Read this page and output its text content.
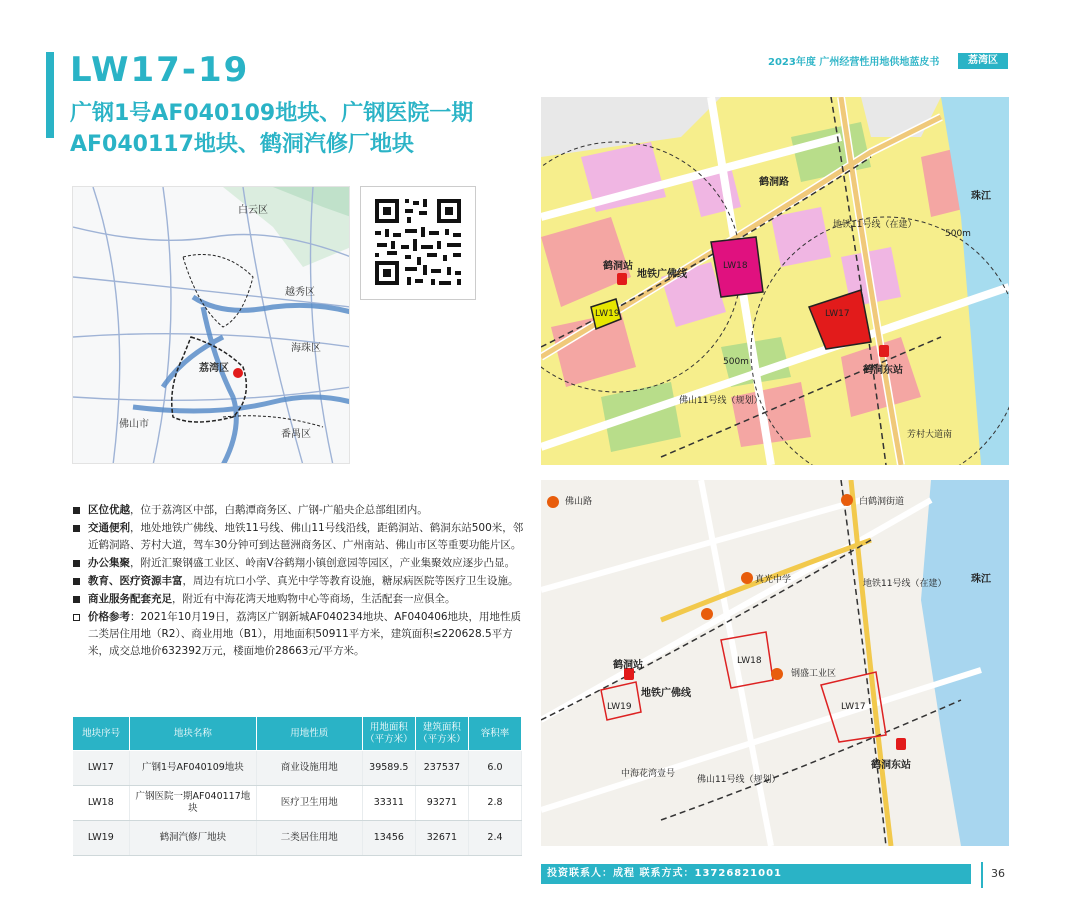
LW17-19
广钢1号AF040109地块、广钢医院一期AF040117地块、鹤洞汽修厂地块
2023年度 广州经营性用地供地蓝皮书	荔湾区
白云区
越秀区
海珠区
荔湾区
佛山市
番禺区
鹤洞路
地铁广佛线
鹤洞站
鹤洞东站
LW18
LW17
LW19
500m
500m
佛山11号线（规划）
地铁11号线（在建）
珠江
芳村大道南
地铁广佛线
鹤洞站
鹤洞东站
LW18
LW17
LW19
佛山11号线（规划）
地铁11号线（在建） 珠江
真光中学
白鹤洞街道
钢盛工业区
中海花湾壹号
佛山路
区位优越，位于荔湾区中部，白鹅潭商务区、广钢-广船央企总部组团内。
交通便利，地处地铁广佛线、地铁11号线、佛山11号线沿线，距鹤洞站、鹤洞东站500米，邻近鹤洞路、芳村大道，驾车30分钟可到达琶洲商务区、广州南站、佛山市区等重要功能片区。
办公集聚，附近汇聚钢盛工业区、岭南V谷鹤翔小镇创意园等园区，产业集聚效应逐步凸显。
教育、医疗资源丰富，周边有坑口小学、真光中学等教育设施，糖尿病医院等医疗卫生设施。
商业服务配套充足，附近有中海花湾天地购物中心等商场，生活配套一应俱全。
价格参考：2021年10月19日，荔湾区广钢新城AF040234地块、AF040406地块，用地性质二类居住用地（R2）、商业用地（B1），用地面积50911平方米，建筑面积≤220628.5平方米，成交总地价632392万元，楼面地价28663元/平方米。
地块序号	地块名称	用地性质	用地面积（平方米）	建筑面积（平方米）	容积率
LW17	广钢1号AF040109地块	商业设施用地	39589.5	237537	6.0
LW18	广钢医院一期AF040117地块	医疗卫生用地	33311	93271	2.8
LW19	鹤洞汽修厂地块	二类居住用地	13456	32671	2.4
投资联系人：成程 联系方式：13726821001	36
